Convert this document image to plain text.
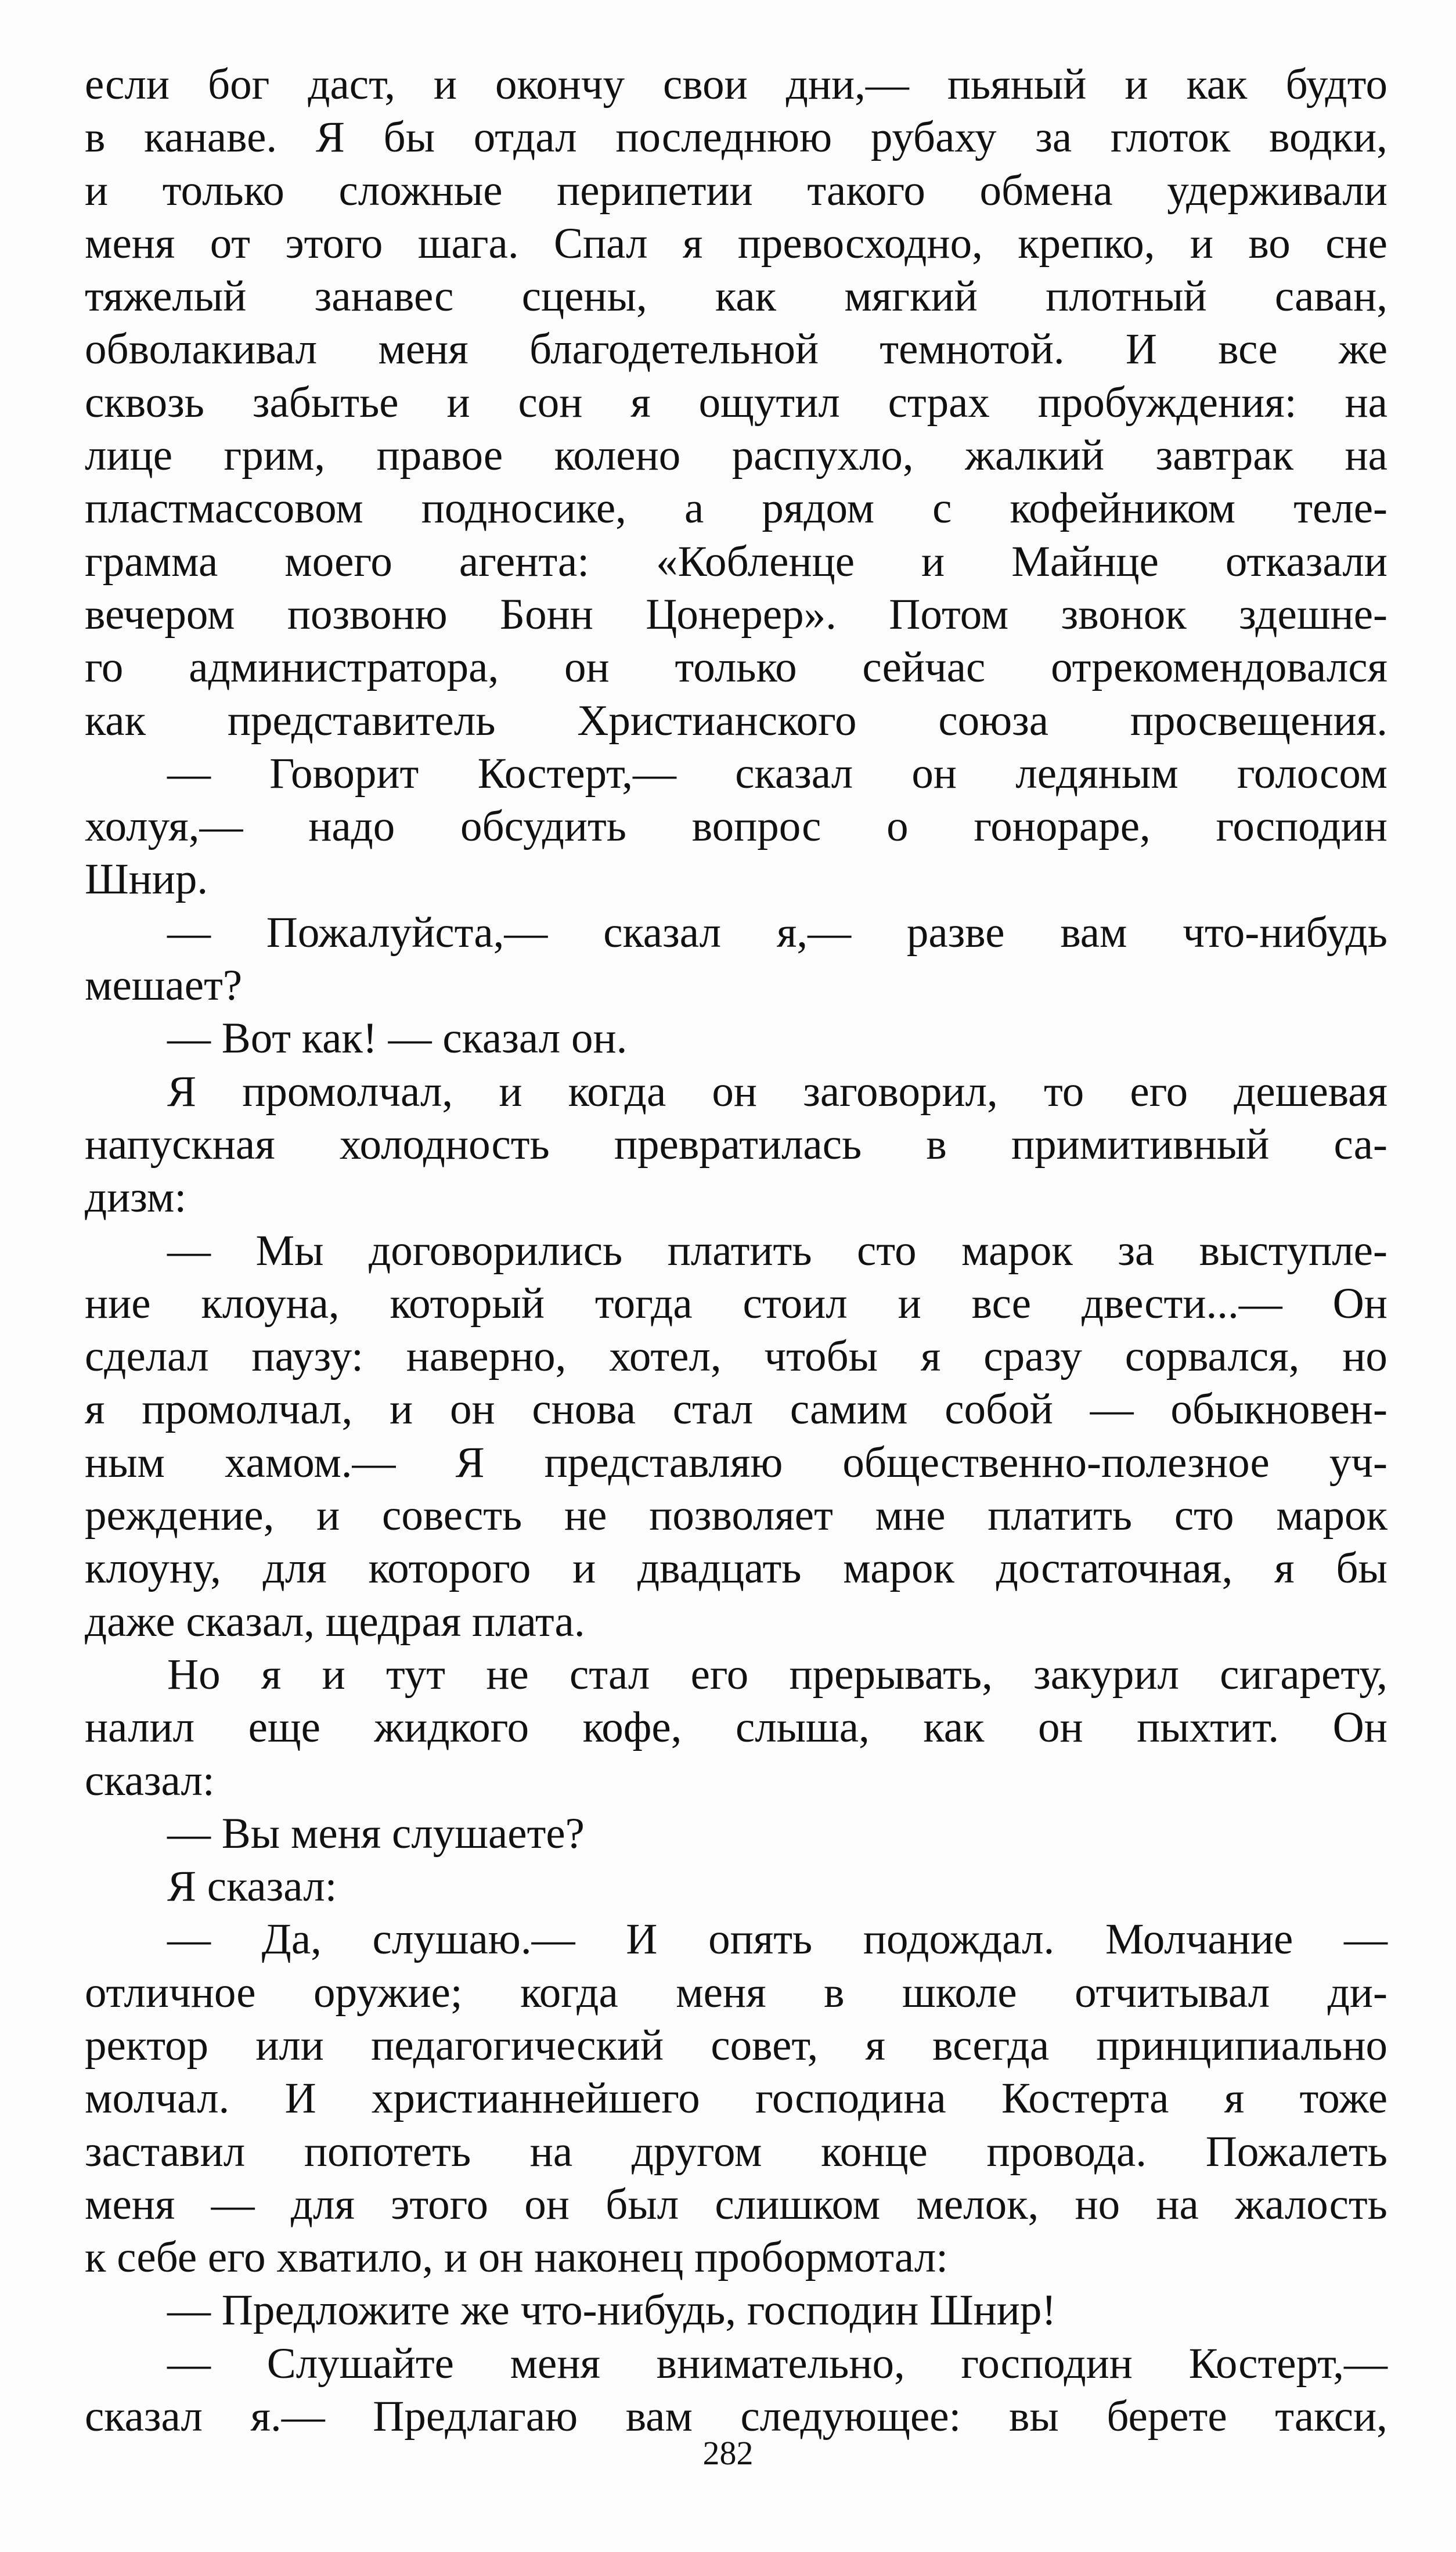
если бог даст, и окончу свои дни,— пьяный и как будто
в канаве. Я бы отдал последнюю рубаху за глоток водки,
и только сложные перипетии такого обмена удерживали
меня от этого шага. Спал я превосходно, крепко, и во сне
тяжелый занавес сцены, как мягкий плотный саван,
обволакивал меня благодетельной темнотой. И все же
сквозь забытье и сон я ощутил страх пробуждения: на
лице грим, правое колено распухло, жалкий завтрак на
пластмассовом подносике, а рядом с кофейником теле-
грамма моего агента: «Кобленце и Майнце отказали
вечером позвоню Бонн Цонерер». Потом звонок здешне-
го администратора, он только сейчас отрекомендовался
как представитель Христианского союза просвещения.
— Говорит Костерт,— сказал он ледяным голосом
холуя,— надо обсудить вопрос о гонораре, господин
Шнир.
— Пожалуйста,— сказал я,— разве вам что-нибудь
мешает?
— Вот как! — сказал он.
Я промолчал, и когда он заговорил, то его дешевая
напускная холодность превратилась в примитивный са-
дизм:
— Мы договорились платить сто марок за выступле-
ние клоуна, который тогда стоил и все двести...— Он
сделал паузу: наверно, хотел, чтобы я сразу сорвался, но
я промолчал, и он снова стал самим собой — обыкновен-
ным хамом.— Я представляю общественно-полезное уч-
реждение, и совесть не позволяет мне платить сто марок
клоуну, для которого и двадцать марок достаточная, я бы
даже сказал, щедрая плата.
Но я и тут не стал его прерывать, закурил сигарету,
налил еще жидкого кофе, слыша, как он пыхтит. Он
сказал:
— Вы меня слушаете?
Я сказал:
— Да, слушаю.— И опять подождал. Молчание —
отличное оружие; когда меня в школе отчитывал ди-
ректор или педагогический совет, я всегда принципиально
молчал. И христианнейшего господина Костерта я тоже
заставил попотеть на другом конце провода. Пожалеть
меня — для этого он был слишком мелок, но на жалость
к себе его хватило, и он наконец пробормотал:
— Предложите же что-нибудь, господин Шнир!
— Слушайте меня внимательно, господин Костерт,—
сказал я.— Предлагаю вам следующее: вы берете такси,
282
